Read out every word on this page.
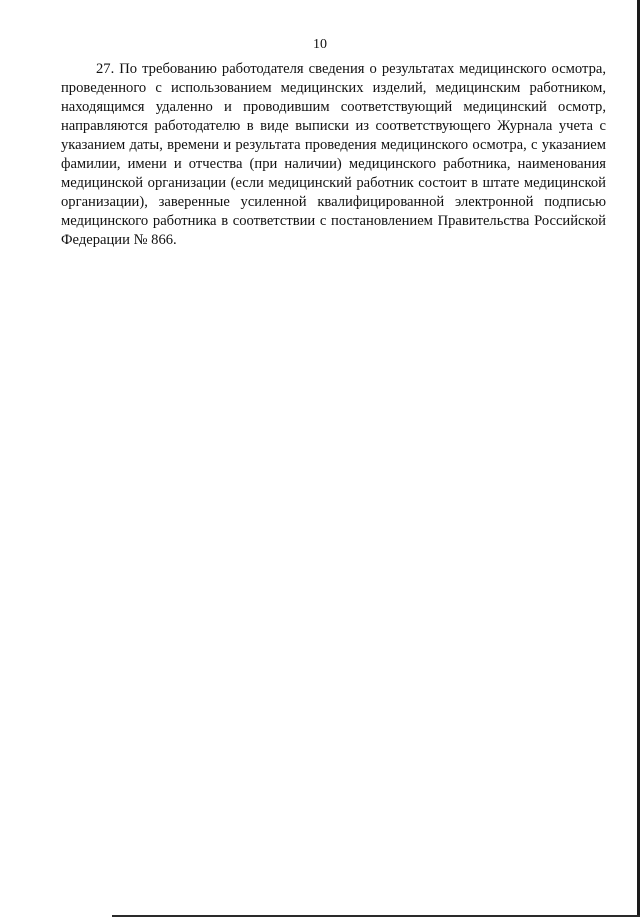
10

27. По требованию работодателя сведения о результатах медицинского осмотра, проведенного с использованием медицинских изделий, медицинским работником, находящимся удаленно и проводившим соответствующий медицинский осмотр, направляются работодателю в виде выписки из соответствующего Журнала учета с указанием даты, времени и результата проведения медицинского осмотра, с указанием фамилии, имени и отчества (при наличии) медицинского работника, наименования медицинской организации (если медицинский работник состоит в штате медицинской организации), заверенные усиленной квалифицированной электронной подписью медицинского работника в соответствии с постановлением Правительства Российской Федерации № 866.
